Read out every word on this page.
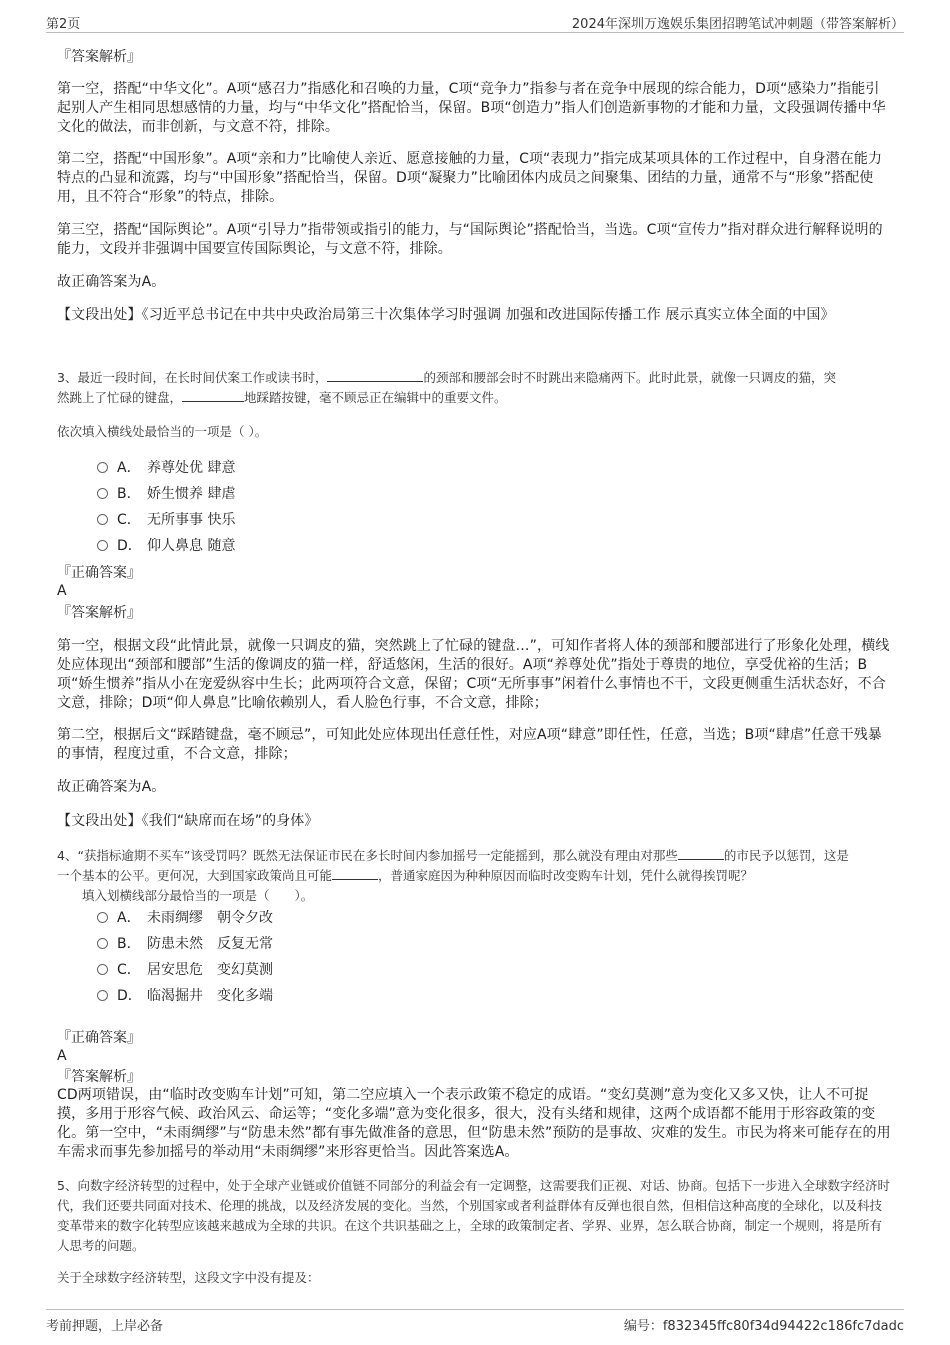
第2页	2024年深圳万逸娱乐集团招聘笔试冲刺题（带答案解析）
『答案解析』
第一空，搭配“中华文化”。A项“感召力”指感化和召唤的力量，C项“竞争力”指参与者在竞争中展现的综合能力，D项“感染力”指能引起别人产生相同思想感情的力量，均与“中华文化”搭配恰当，保留。B项“创造力”指人们创造新事物的才能和力量，文段强调传播中华文化的做法，而非创新，与文意不符，排除。
第二空，搭配“中国形象”。A项“亲和力”比喻使人亲近、愿意接触的力量，C项“表现力”指完成某项具体的工作过程中，自身潜在能力特点的凸显和流露，均与“中国形象”搭配恰当，保留。D项“凝聚力”比喻团体内成员之间聚集、团结的力量，通常不与“形象”搭配使用，且不符合“形象”的特点，排除。
第三空，搭配“国际舆论”。A项“引导力”指带领或指引的能力，与“国际舆论”搭配恰当，当选。C项“宣传力”指对群众进行解释说明的能力，文段并非强调中国要宣传国际舆论，与文意不符，排除。
故正确答案为A。
【文段出处】《习近平总书记在中共中央政治局第三十次集体学习时强调 加强和改进国际传播工作 展示真实立体全面的中国》
3、最近一段时间，在长时间伏案工作或读书时，	的颈部和腰部会时不时跳出来隐痛两下。此时此景，就像一只调皮的猫，突
然跳上了忙碌的键盘，	地踩踏按键，毫不顾忌正在编辑中的重要文件。
依次填入横线处最恰当的一项是（ ）。
A． 养尊处优 肆意
B． 娇生惯养 肆虐
C． 无所事事 快乐
D． 仰人鼻息 随意
『正确答案』
A
『答案解析』
第一空，根据文段“此情此景，就像一只调皮的猫，突然跳上了忙碌的键盘…”，可知作者将人体的颈部和腰部进行了形象化处理，横线处应体现出“颈部和腰部”生活的像调皮的猫一样，舒适悠闲，生活的很好。A项“养尊处优”指处于尊贵的地位，享受优裕的生活；B项“娇生惯养”指从小在宠爱纵容中生长；此两项符合文意，保留；C项“无所事事”闲着什么事情也不干，文段更侧重生活状态好，不合文意，排除；D项“仰人鼻息”比喻依赖别人，看人脸色行事，不合文意，排除；
第二空，根据后文“踩踏键盘，毫不顾忌”，可知此处应体现出任意任性，对应A项“肆意”即任性，任意，当选；B项“肆虐”任意干残暴的事情，程度过重，不合文意，排除；
故正确答案为A。
【文段出处】《我们“缺席而在场”的身体》
4、“获指标逾期不买车”该受罚吗？既然无法保证市民在多长时间内参加摇号一定能摇到，那么就没有理由对那些	的市民予以惩罚，这是
一个基本的公平。更何况，大到国家政策尚且可能	，普通家庭因为种种原因而临时改变购车计划，凭什么就得挨罚呢？
填入划横线部分最恰当的一项是（　　）。
A． 未雨绸缪　朝令夕改
B． 防患未然　反复无常
C． 居安思危　变幻莫测
D． 临渴掘井　变化多端
『正确答案』
A
『答案解析』
CD两项错误，由“临时改变购车计划”可知，第二空应填入一个表示政策不稳定的成语。“变幻莫测”意为变化又多又快，让人不可捉摸，多用于形容气候、政治风云、命运等；“变化多端”意为变化很多，很大，没有头绪和规律，这两个成语都不能用于形容政策的变化。第一空中，“未雨绸缪”与“防患未然”都有事先做准备的意思，但“防患未然”预防的是事故、灾难的发生。市民为将来可能存在的用车需求而事先参加摇号的举动用“未雨绸缪”来形容更恰当。因此答案选A。
5、向数字经济转型的过程中，处于全球产业链或价值链不同部分的利益会有一定调整，这需要我们正视、对话、协商。包括下一步进入全球数字经济时代，我们还要共同面对技术、伦理的挑战，以及经济发展的变化。当然，个别国家或者利益群体有反弹也很自然，但相信这种高度的全球化，以及科技变革带来的数字化转型应该越来越成为全球的共识。在这个共识基础之上，全球的政策制定者、学界、业界，怎么联合协商，制定一个规则，将是所有人思考的问题。
关于全球数字经济转型，这段文字中没有提及：
考前押题，上岸必备	编号：f832345ffc80f34d94422c186fc7dadc
